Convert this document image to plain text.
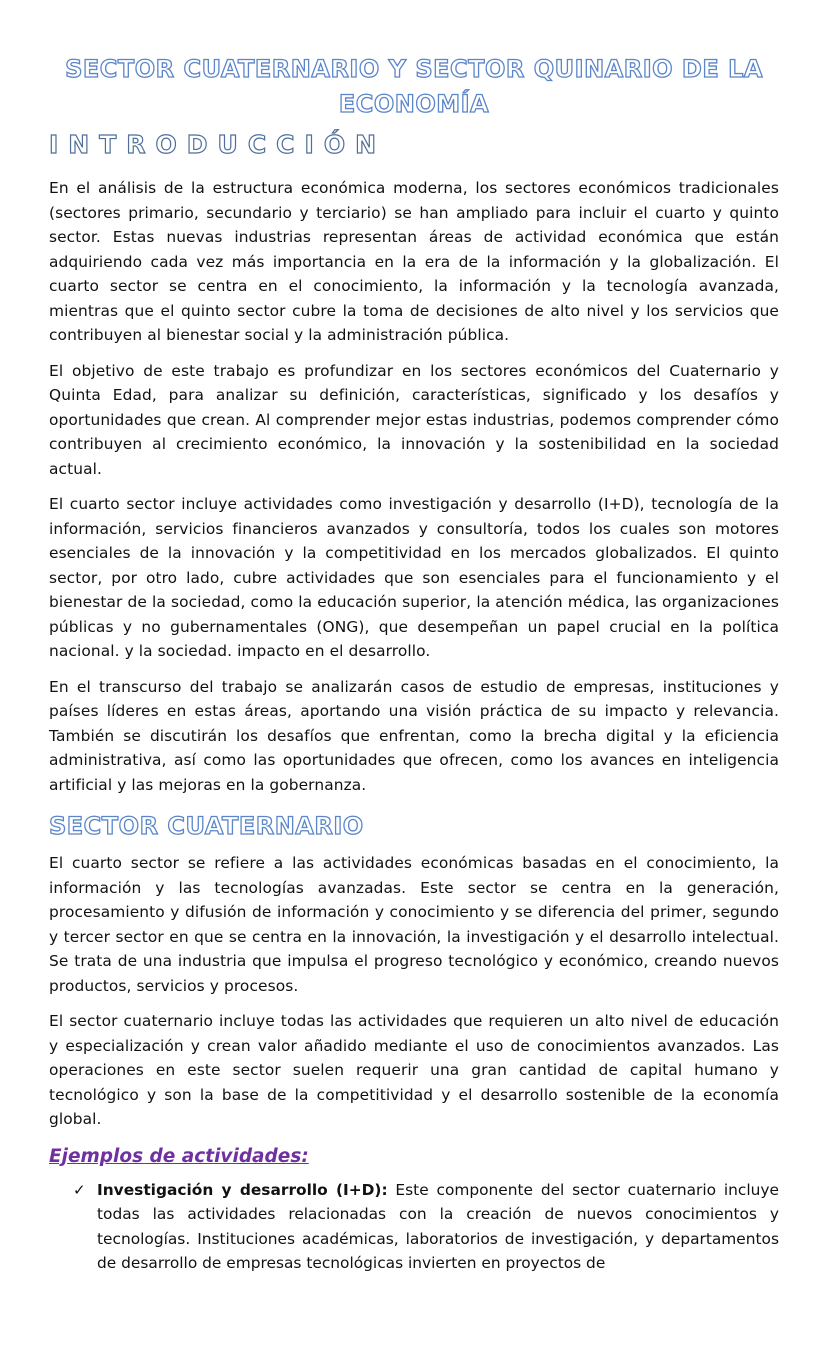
SECTOR CUATERNARIO Y SECTOR QUINARIO DE LA ECONOMÍA
INTRODUCCIÓN

En el análisis de la estructura económica moderna, los sectores económicos tradicionales (sectores primario, secundario y terciario) se han ampliado para incluir el cuarto y quinto sector. Estas nuevas industrias representan áreas de actividad económica que están adquiriendo cada vez más importancia en la era de la información y la globalización. El cuarto sector se centra en el conocimiento, la información y la tecnología avanzada, mientras que el quinto sector cubre la toma de decisiones de alto nivel y los servicios que contribuyen al bienestar social y la administración pública.

El objetivo de este trabajo es profundizar en los sectores económicos del Cuaternario y Quinta Edad, para analizar su definición, características, significado y los desafíos y oportunidades que crean. Al comprender mejor estas industrias, podemos comprender cómo contribuyen al crecimiento económico, la innovación y la sostenibilidad en la sociedad actual.

El cuarto sector incluye actividades como investigación y desarrollo (I+D), tecnología de la información, servicios financieros avanzados y consultoría, todos los cuales son motores esenciales de la innovación y la competitividad en los mercados globalizados. El quinto sector, por otro lado, cubre actividades que son esenciales para el funcionamiento y el bienestar de la sociedad, como la educación superior, la atención médica, las organizaciones públicas y no gubernamentales (ONG), que desempeñan un papel crucial en la política nacional. y la sociedad. impacto en el desarrollo.

En el transcurso del trabajo se analizarán casos de estudio de empresas, instituciones y países líderes en estas áreas, aportando una visión práctica de su impacto y relevancia. También se discutirán los desafíos que enfrentan, como la brecha digital y la eficiencia administrativa, así como las oportunidades que ofrecen, como los avances en inteligencia artificial y las mejoras en la gobernanza.

SECTOR CUATERNARIO

El cuarto sector se refiere a las actividades económicas basadas en el conocimiento, la información y las tecnologías avanzadas. Este sector se centra en la generación, procesamiento y difusión de información y conocimiento y se diferencia del primer, segundo y tercer sector en que se centra en la innovación, la investigación y el desarrollo intelectual. Se trata de una industria que impulsa el progreso tecnológico y económico, creando nuevos productos, servicios y procesos.

El sector cuaternario incluye todas las actividades que requieren un alto nivel de educación y especialización y crean valor añadido mediante el uso de conocimientos avanzados. Las operaciones en este sector suelen requerir una gran cantidad de capital humano y tecnológico y son la base de la competitividad y el desarrollo sostenible de la economía global.

Ejemplos de actividades:
✓ Investigación y desarrollo (I+D): Este componente del sector cuaternario incluye todas las actividades relacionadas con la creación de nuevos conocimientos y tecnologías. Instituciones académicas, laboratorios de investigación, y departamentos de desarrollo de empresas tecnológicas invierten en proyectos de
